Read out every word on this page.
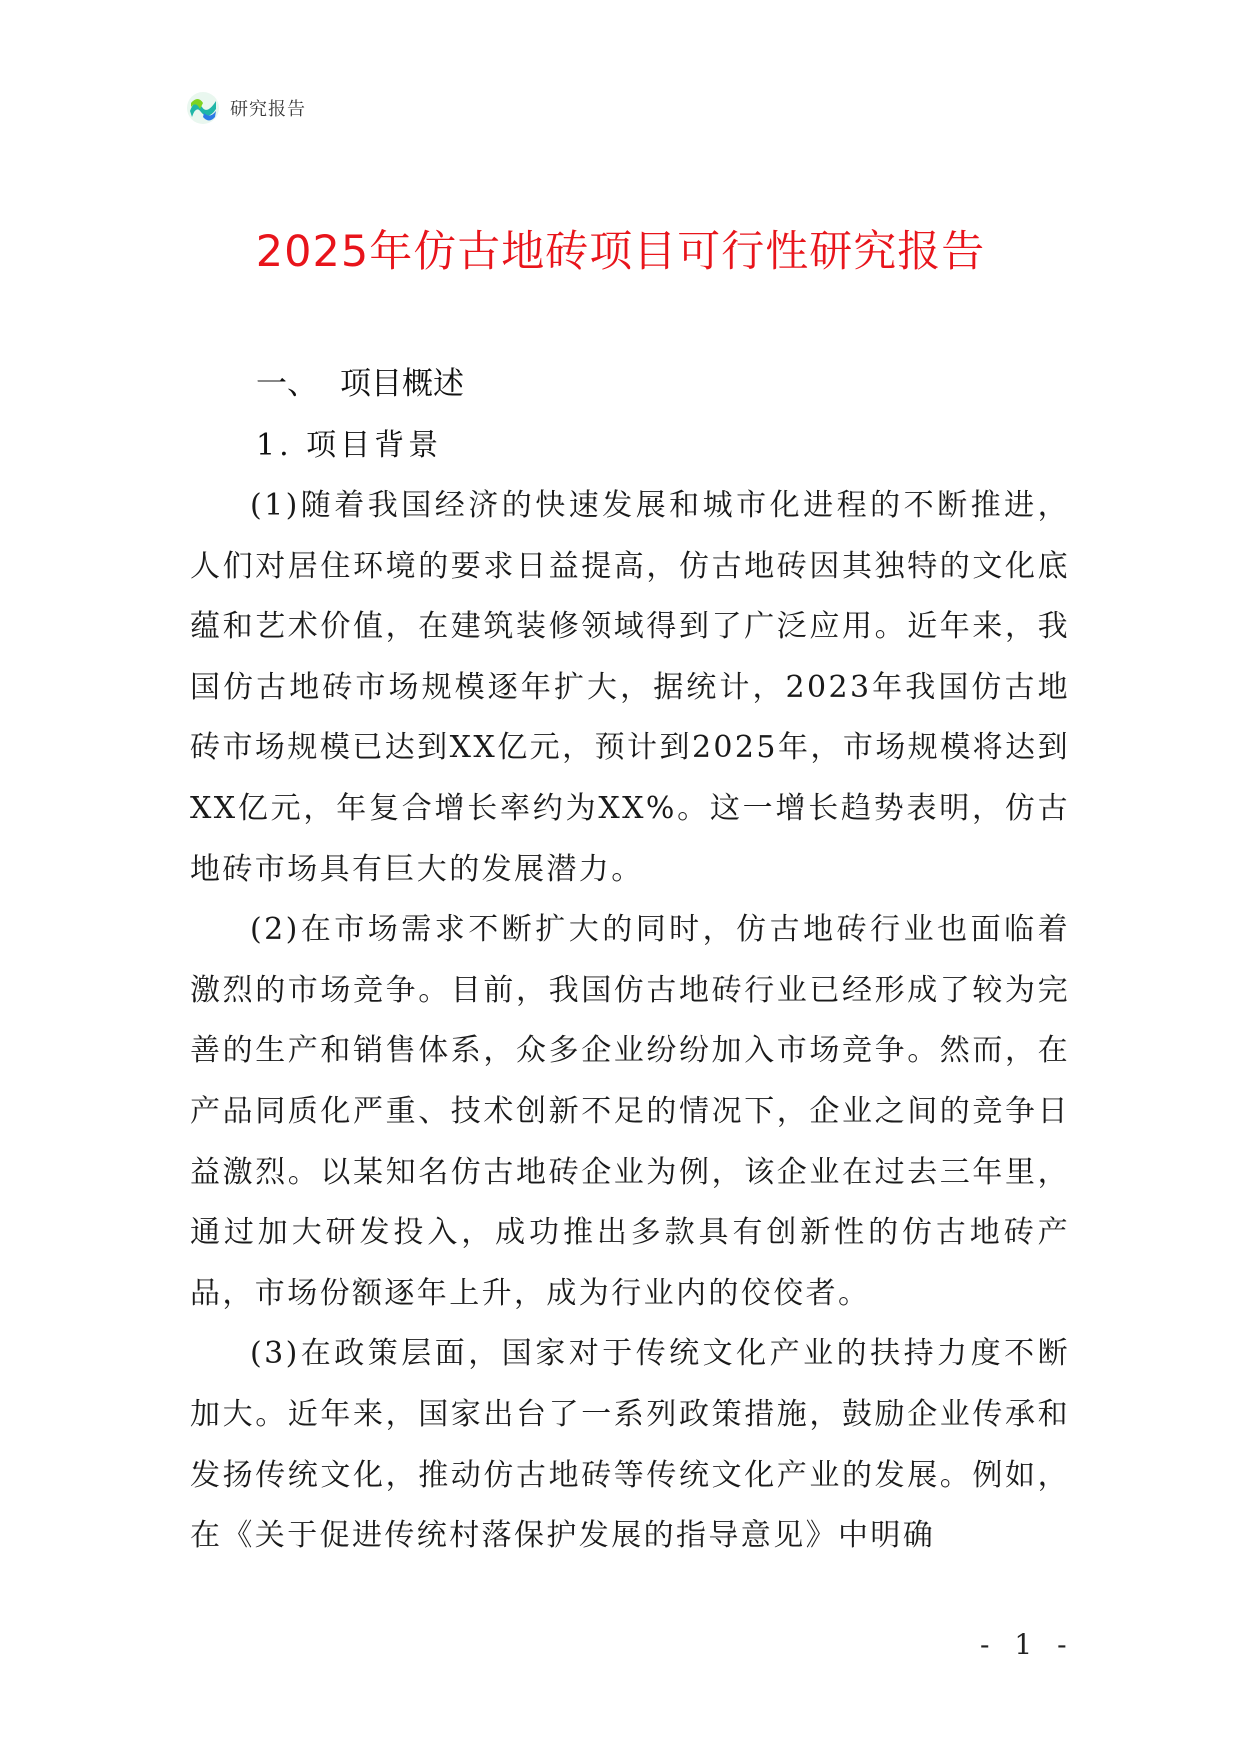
研究报告
2025年仿古地砖项目可行性研究报告
一、 项目概述
1. 项目背景

(1)随着我国经济的快速发展和城市化进程的不断推进，人们对居住环境的要求日益提高，仿古地砖因其独特的文化底蕴和艺术价值，在建筑装修领域得到了广泛应用。近年来，我国仿古地砖市场规模逐年扩大，据统计，2023年我国仿古地砖市场规模已达到XX亿元，预计到2025年，市场规模将达到XX亿元，年复合增长率约为XX%。这一增长趋势表明，仿古地砖市场具有巨大的发展潜力。

(2)在市场需求不断扩大的同时，仿古地砖行业也面临着激烈的市场竞争。目前，我国仿古地砖行业已经形成了较为完善的生产和销售体系，众多企业纷纷加入市场竞争。然而，在产品同质化严重、技术创新不足的情况下，企业之间的竞争日益激烈。以某知名仿古地砖企业为例，该企业在过去三年里，通过加大研发投入，成功推出多款具有创新性的仿古地砖产品，市场份额逐年上升，成为行业内的佼佼者。

(3)在政策层面，国家对于传统文化产业的扶持力度不断加大。近年来，国家出台了一系列政策措施，鼓励企业传承和发扬传统文化，推动仿古地砖等传统文化产业的发展。例如，在《关于促进传统村落保护发展的指导意见》中明确

- 1 -
